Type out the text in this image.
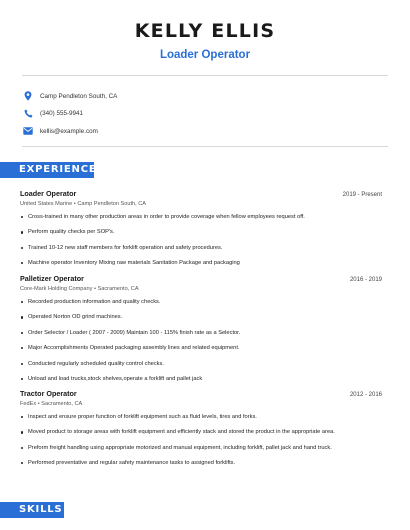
KELLY ELLIS
Loader Operator
Camp Pendleton South, CA
(340) 555-9941
kellis@example.com
EXPERIENCE
Loader Operator	2019 - Present
United States Marine • Camp Pendleton South, CA
Cross-trained in many other production areas in order to provide coverage when fellow employees request off.
Perform quality checks per SOP's.
Trained 10-12 new staff members for forklift operation and safety procedures.
Machine operator Inventory Mixing raw materials Sanitation Package and packaging
Palletizer Operator	2016 - 2019
Core-Mark Holding Company • Sacramento, CA
Recorded production information and quality checks.
Operated Norton OD grind machines.
Order Selector / Loader ( 2007 - 2009) Maintain 100 - 115% finish rate as a Selector.
Major Accomplishments Operated packaging assembly lines and related equipment.
Conducted regularly scheduled quality control checks.
Unload and load trucks,stock shelves,operate a forklift and pallet jack
Tractor Operator	2012 - 2016
FedEx • Sacramento, CA
Inspect and ensure proper function of forklift equipment such as fluid levels, tires and forks.
Moved product to storage areas with forklift equipment and efficiently stack and stored the product in the appropriate area.
Preform freight handling using appropriate motorized and manual equipment, including forklift, pallet jack and hand truck.
Performed preventative and regular safety maintenance tasks to assigned forklifts.
SKILLS
